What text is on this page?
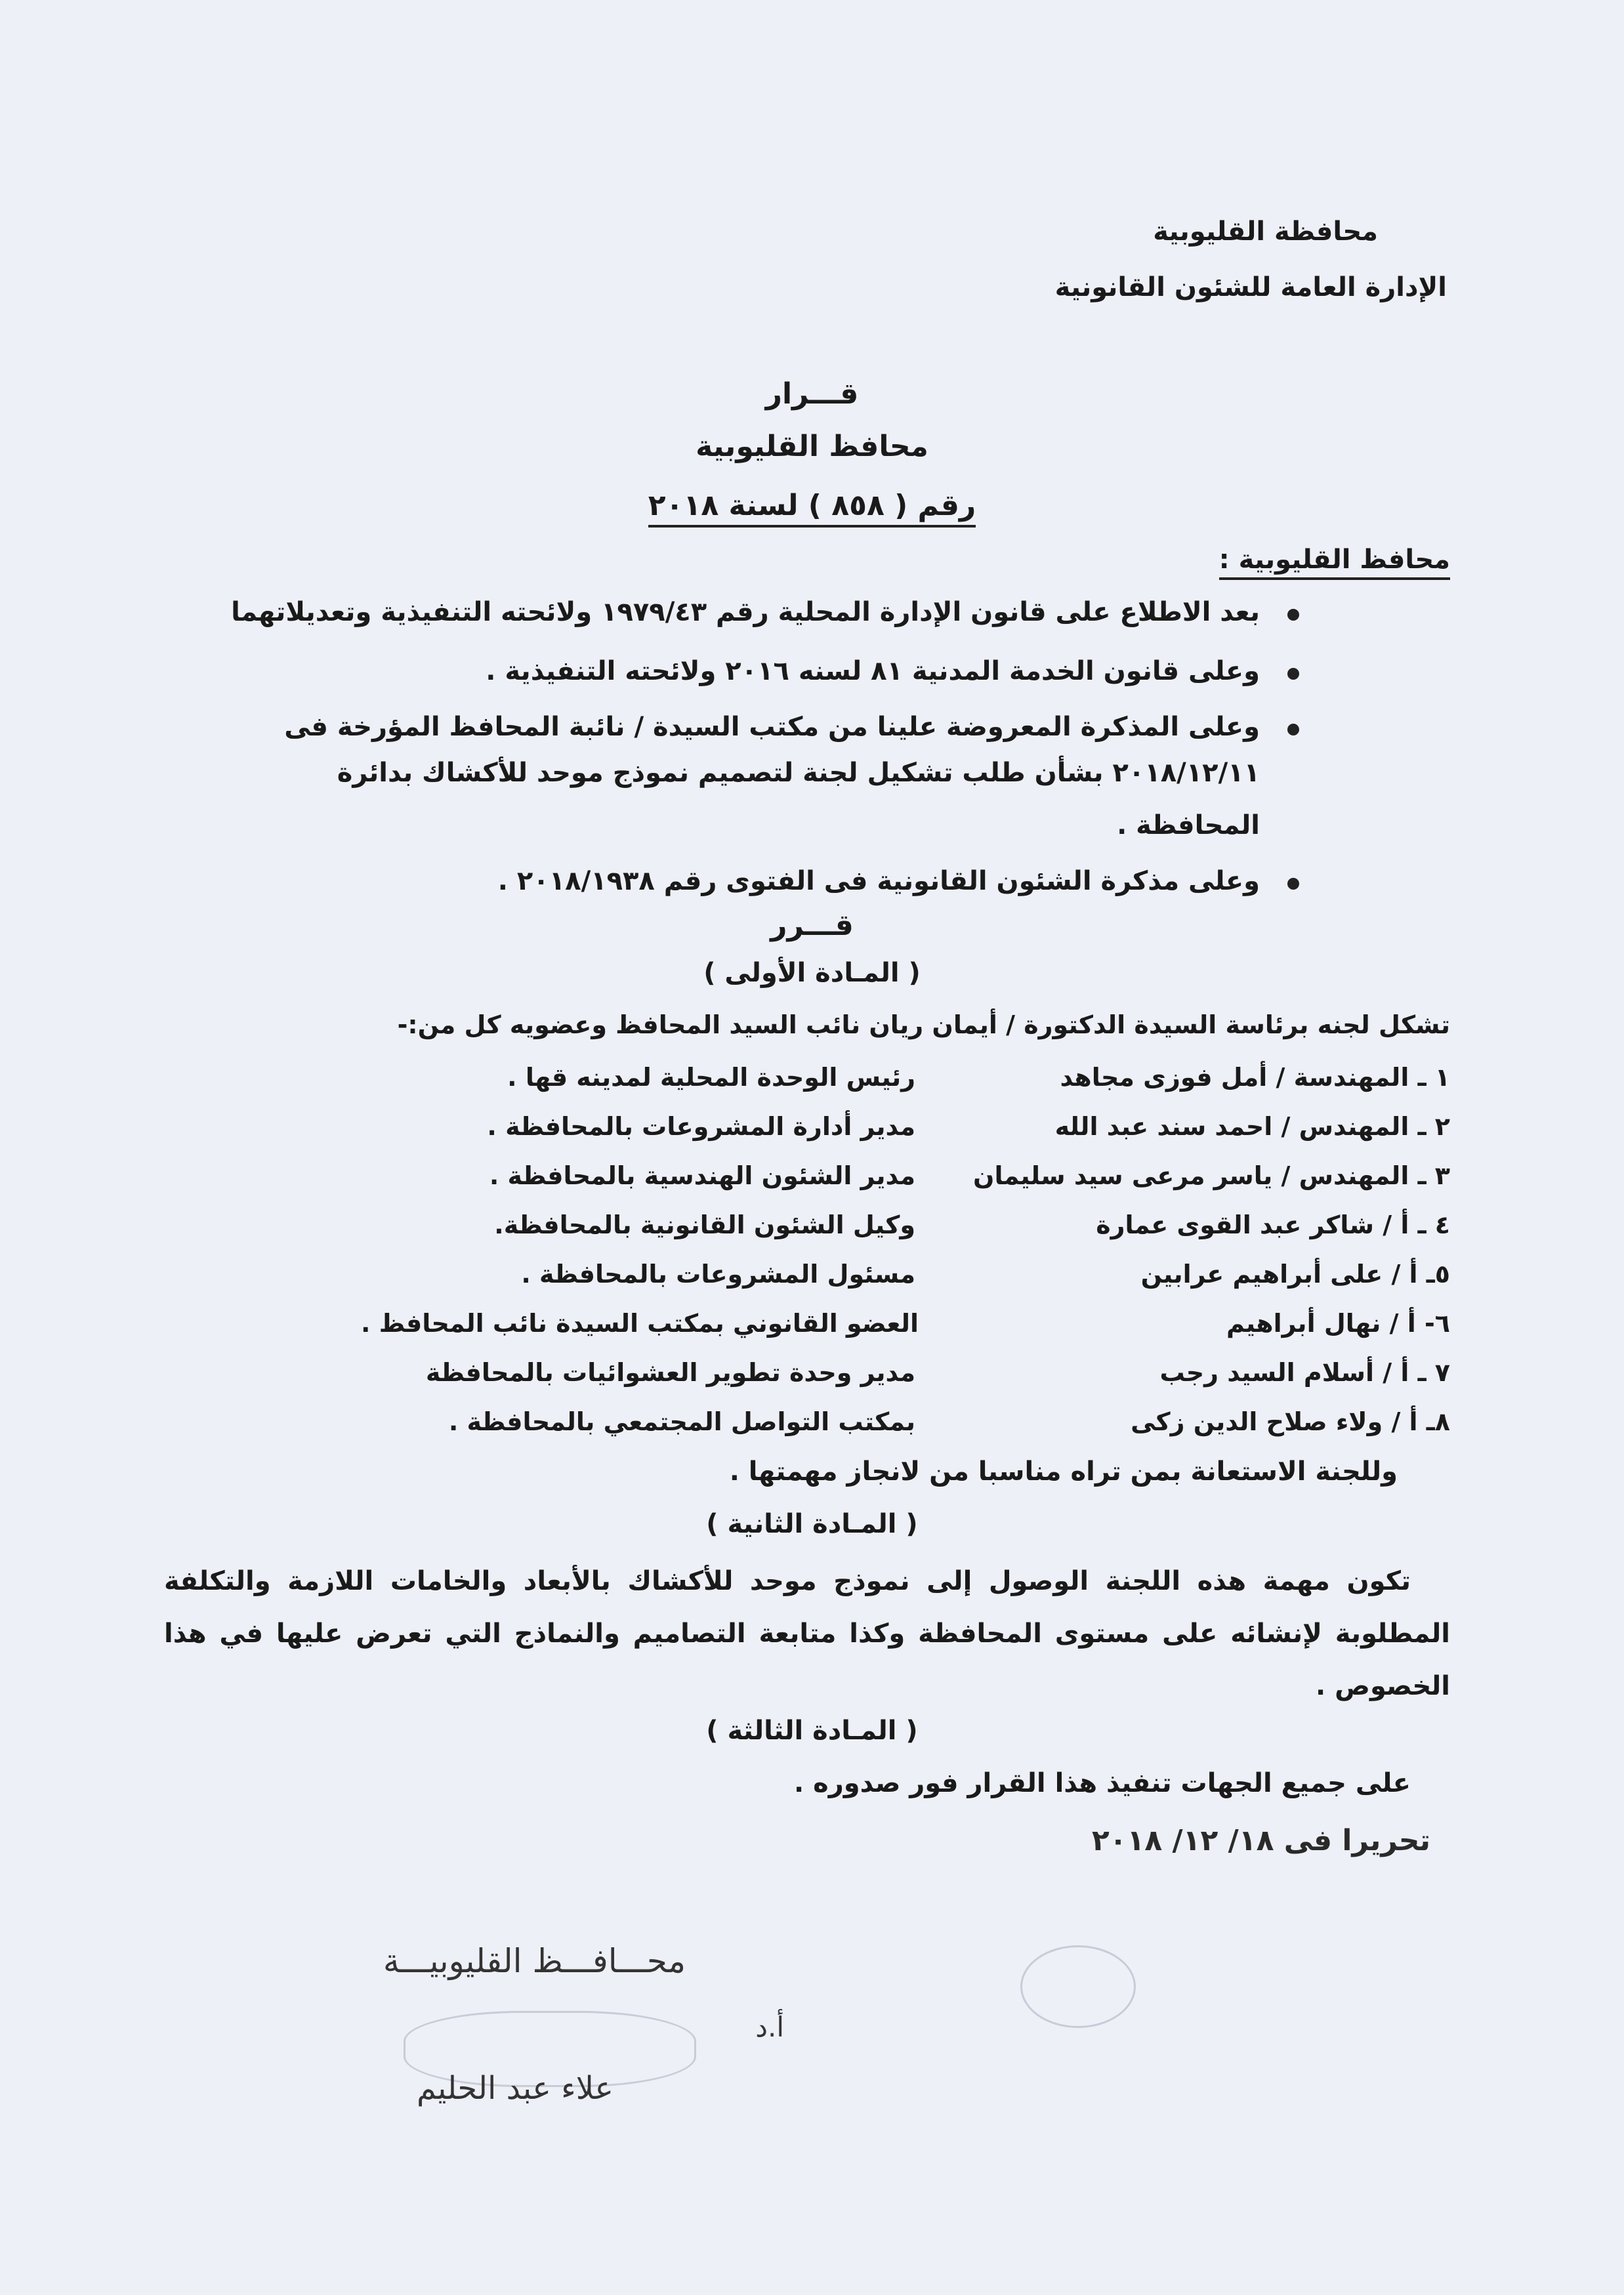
محافظة القليوبية
الإدارة العامة للشئون القانونية
قـــرار
محافظ القليوبية
رقم ( ٨٥٨ ) لسنة ٢٠١٨
محافظ القليوبية :
بعد الاطلاع على قانون الإدارة المحلية رقم ١٩٧٩/٤٣ ولائحته التنفيذية وتعديلاتهما
وعلى قانون الخدمة المدنية ٨١ لسنه ٢٠١٦ ولائحته التنفيذية .
وعلى المذكرة المعروضة علينا من مكتب السيدة / نائبة المحافظ المؤرخة فى
٢٠١٨/١٢/١١ بشأن طلب تشكيل لجنة لتصميم نموذج موحد للأكشاك بدائرة
المحافظة .
وعلى مذكرة الشئون القانونية فى الفتوى رقم ٢٠١٨/١٩٣٨ .
قـــرر
( المـادة الأولى )
تشكل لجنه برئاسة السيدة الدكتورة / أيمان ريان نائب السيد المحافظ وعضويه كل من:-
١ ـ المهندسة / أمل فوزى مجاهد
رئيس الوحدة المحلية لمدينه قها .
٢ ـ المهندس / احمد سند عبد الله
مدير أدارة المشروعات بالمحافظة .
٣ ـ المهندس / ياسر مرعى سيد سليمان
مدير الشئون الهندسية بالمحافظة .
٤ ـ أ / شاكر عبد القوى عمارة
وكيل الشئون القانونية بالمحافظة.
٥ـ أ / على أبراهيم عرابين
مسئول المشروعات بالمحافظة .
٦- أ / نهال أبراهيم
العضو القانوني بمكتب السيدة نائب المحافظ .
٧ ـ أ / أسلام السيد رجب
مدير وحدة تطوير العشوائيات بالمحافظة
٨ـ أ / ولاء صلاح الدين زكى
بمكتب التواصل المجتمعي بالمحافظة .
وللجنة الاستعانة بمن تراه مناسبا من لانجاز مهمتها .
( المـادة الثانية )
تكون مهمة هذه اللجنة الوصول إلى نموذج موحد للأكشاك بالأبعاد والخامات اللازمة والتكلفة المطلوبة لإنشائه على مستوى المحافظة وكذا متابعة التصاميم والنماذج التي تعرض عليها في هذا الخصوص .
( المـادة الثالثة )
على جميع الجهات تنفيذ هذا القرار فور صدوره .
تحريرا فى ١٨/ ١٢/ ٢٠١٨
محـــافـــظ القليوبيـــة
أ.د
علاء عبد الحليم
